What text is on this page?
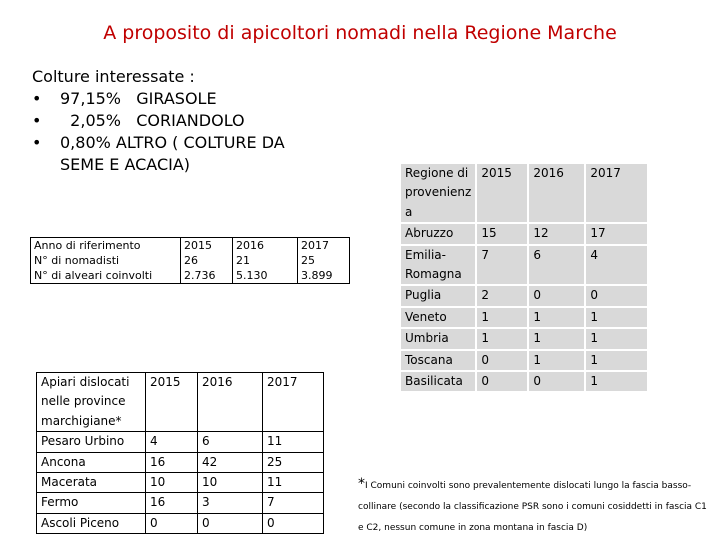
A proposito di apicoltori nomadi nella Regione Marche
Colture interessate :
• 97,15%   GIRASOLE
•   2,05%   CORIANDOLO
• 0,80% ALTRO ( COLTURE DA SEME E ACACIA)
Anno di riferimento	2015	2016	2017
N° di nomadisti	26	21	25
N° di alveari coinvolti	2.736	5.130	3.899
Apiari dislocati nelle province marchigiane*	2015	2016	2017
Pesaro Urbino	4	6	11
Ancona	16	42	25
Macerata	10	10	11
Fermo	16	3	7
Ascoli Piceno	0	0	0
Regione di provenienz a	2015	2016	2017
Abruzzo	15	12	17
Emilia-Romagna	7	6	4
Puglia	2	0	0
Veneto	1	1	1
Umbria	1	1	1
Toscana	0	1	1
Basilicata	0	0	1
*I Comuni coinvolti sono prevalentemente dislocati lungo la fascia basso-collinare (secondo la classificazione PSR sono i comuni cosiddetti in fascia C1 e C2, nessun comune in zona montana in fascia D)
